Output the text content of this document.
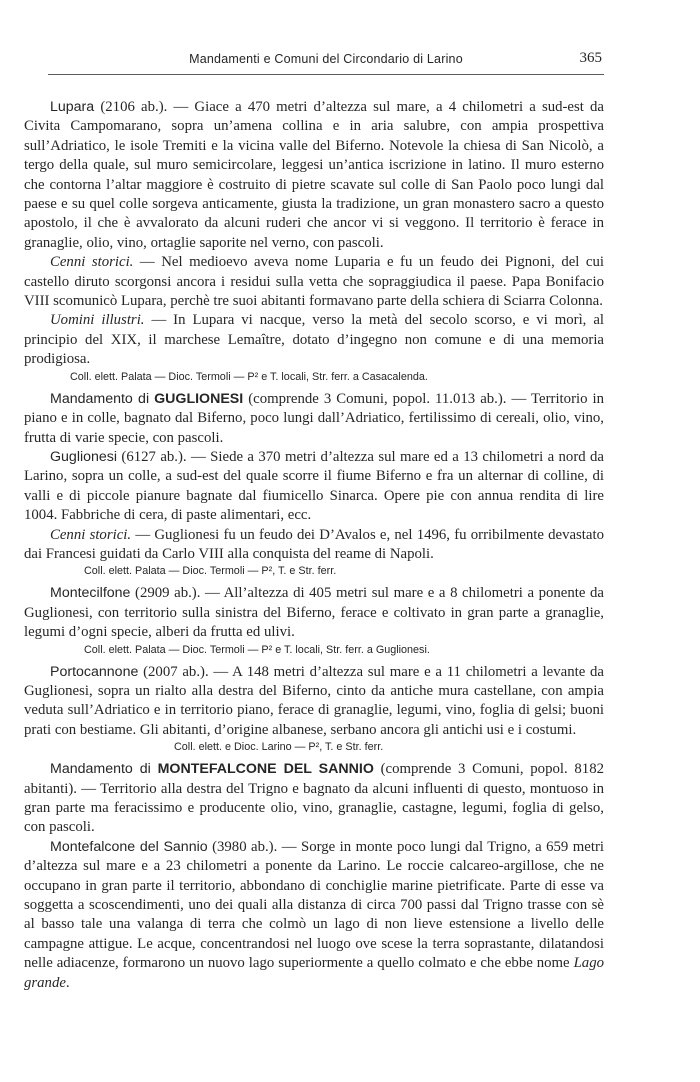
Mandamenti e Comuni del Circondario di Larino	365

Lupara (2106 ab.). — Giace a 470 metri d’altezza sul mare, a 4 chilometri a sud-est da Civita Campomarano, sopra un’amena collina e in aria salubre, con ampia prospettiva sull’Adriatico, le isole Tremiti e la vicina valle del Biferno. Notevole la chiesa di San Nicolò, a tergo della quale, sul muro semicircolare, leggesi un’antica iscrizione in latino. Il muro esterno che contorna l’altar maggiore è costruito di pietre scavate sul colle di San Paolo poco lungi dal paese e su quel colle sorgeva anticamente, giusta la tradizione, un gran monastero sacro a questo apostolo, il che è avvalorato da alcuni ruderi che ancor vi si veggono. Il territorio è ferace in granaglie, olio, vino, ortaglie saporite nel verno, con pascoli.

Cenni storici. — Nel medioevo aveva nome Luparia e fu un feudo dei Pignoni, del cui castello diruto scorgonsi ancora i residui sulla vetta che sopraggiudica il paese. Papa Bonifacio VIII scomunicò Lupara, perchè tre suoi abitanti formavano parte della schiera di Sciarra Colonna.

Uomini illustri. — In Lupara vi nacque, verso la metà del secolo scorso, e vi morì, al principio del XIX, il marchese Lemaître, dotato d’ingegno non comune e di una memoria prodigiosa.

Coll. elett. Palata — Dioc. Termoli — P² e T. locali, Str. ferr. a Casacalenda.

Mandamento di GUGLIONESI (comprende 3 Comuni, popol. 11.013 ab.). — Territorio in piano e in colle, bagnato dal Biferno, poco lungi dall’Adriatico, fertilissimo di cereali, olio, vino, frutta di varie specie, con pascoli.

Guglionesi (6127 ab.). — Siede a 370 metri d’altezza sul mare ed a 13 chilometri a nord da Larino, sopra un colle, a sud-est del quale scorre il fiume Biferno e fra un alternar di colline, di valli e di piccole pianure bagnate dal fiumicello Sinarca. Opere pie con annua rendita di lire 1004. Fabbriche di cera, di paste alimentari, ecc.

Cenni storici. — Guglionesi fu un feudo dei D’Avalos e, nel 1496, fu orribilmente devastato dai Francesi guidati da Carlo VIII alla conquista del reame di Napoli.

Coll. elett. Palata — Dioc. Termoli — P², T. e Str. ferr.

Montecilfone (2909 ab.). — All’altezza di 405 metri sul mare e a 8 chilometri a ponente da Guglionesi, con territorio sulla sinistra del Biferno, ferace e coltivato in gran parte a granaglie, legumi d’ogni specie, alberi da frutta ed ulivi.

Coll. elett. Palata — Dioc. Termoli — P² e T. locali, Str. ferr. a Guglionesi.

Portocannone (2007 ab.). — A 148 metri d’altezza sul mare e a 11 chilometri a levante da Guglionesi, sopra un rialto alla destra del Biferno, cinto da antiche mura castellane, con ampia veduta sull’Adriatico e in territorio piano, ferace di granaglie, legumi, vino, foglia di gelsi; buoni prati con bestiame. Gli abitanti, d’origine albanese, serbano ancora gli antichi usi e i costumi.

Coll. elett. e Dioc. Larino — P², T. e Str. ferr.

Mandamento di MONTEFALCONE DEL SANNIO (comprende 3 Comuni, popol. 8182 abitanti). — Territorio alla destra del Trigno e bagnato da alcuni influenti di questo, montuoso in gran parte ma feracissimo e producente olio, vino, granaglie, castagne, legumi, foglia di gelso, con pascoli.

Montefalcone del Sannio (3980 ab.). — Sorge in monte poco lungi dal Trigno, a 659 metri d’altezza sul mare e a 23 chilometri a ponente da Larino. Le roccie calcareo-argillose, che ne occupano in gran parte il territorio, abbondano di conchiglie marine pietrificate. Parte di esse va soggetta a scoscendimenti, uno dei quali alla distanza di circa 700 passi dal Trigno trasse con sè al basso tale una valanga di terra che colmò un lago di non lieve estensione a livello delle campagne attigue. Le acque, concentrandosi nel luogo ove scese la terra soprastante, dilatandosi nelle adiacenze, formarono un nuovo lago superiormente a quello colmato e che ebbe nome Lago grande.
